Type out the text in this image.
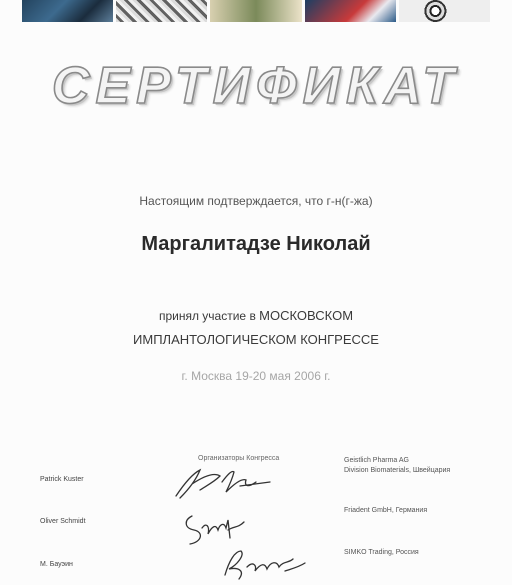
СЕРТИФИКАТ
Настоящим подтверждается, что г-н(г-жа)
Маргалитадзе Николай
принял участие в МОСКОВСКОМ
ИМПЛАНТОЛОГИЧЕСКОМ КОНГРЕССЕ
г. Москва 19-20 мая 2006 г.
Организаторы Конгресса
Patrick Kuster
Oliver Schmidt
М. Бауэин
Geistlich Pharma AG
Division Biomaterials, Швейцария
Friadent GmbH, Германия
SIMKO Trading, Россия
